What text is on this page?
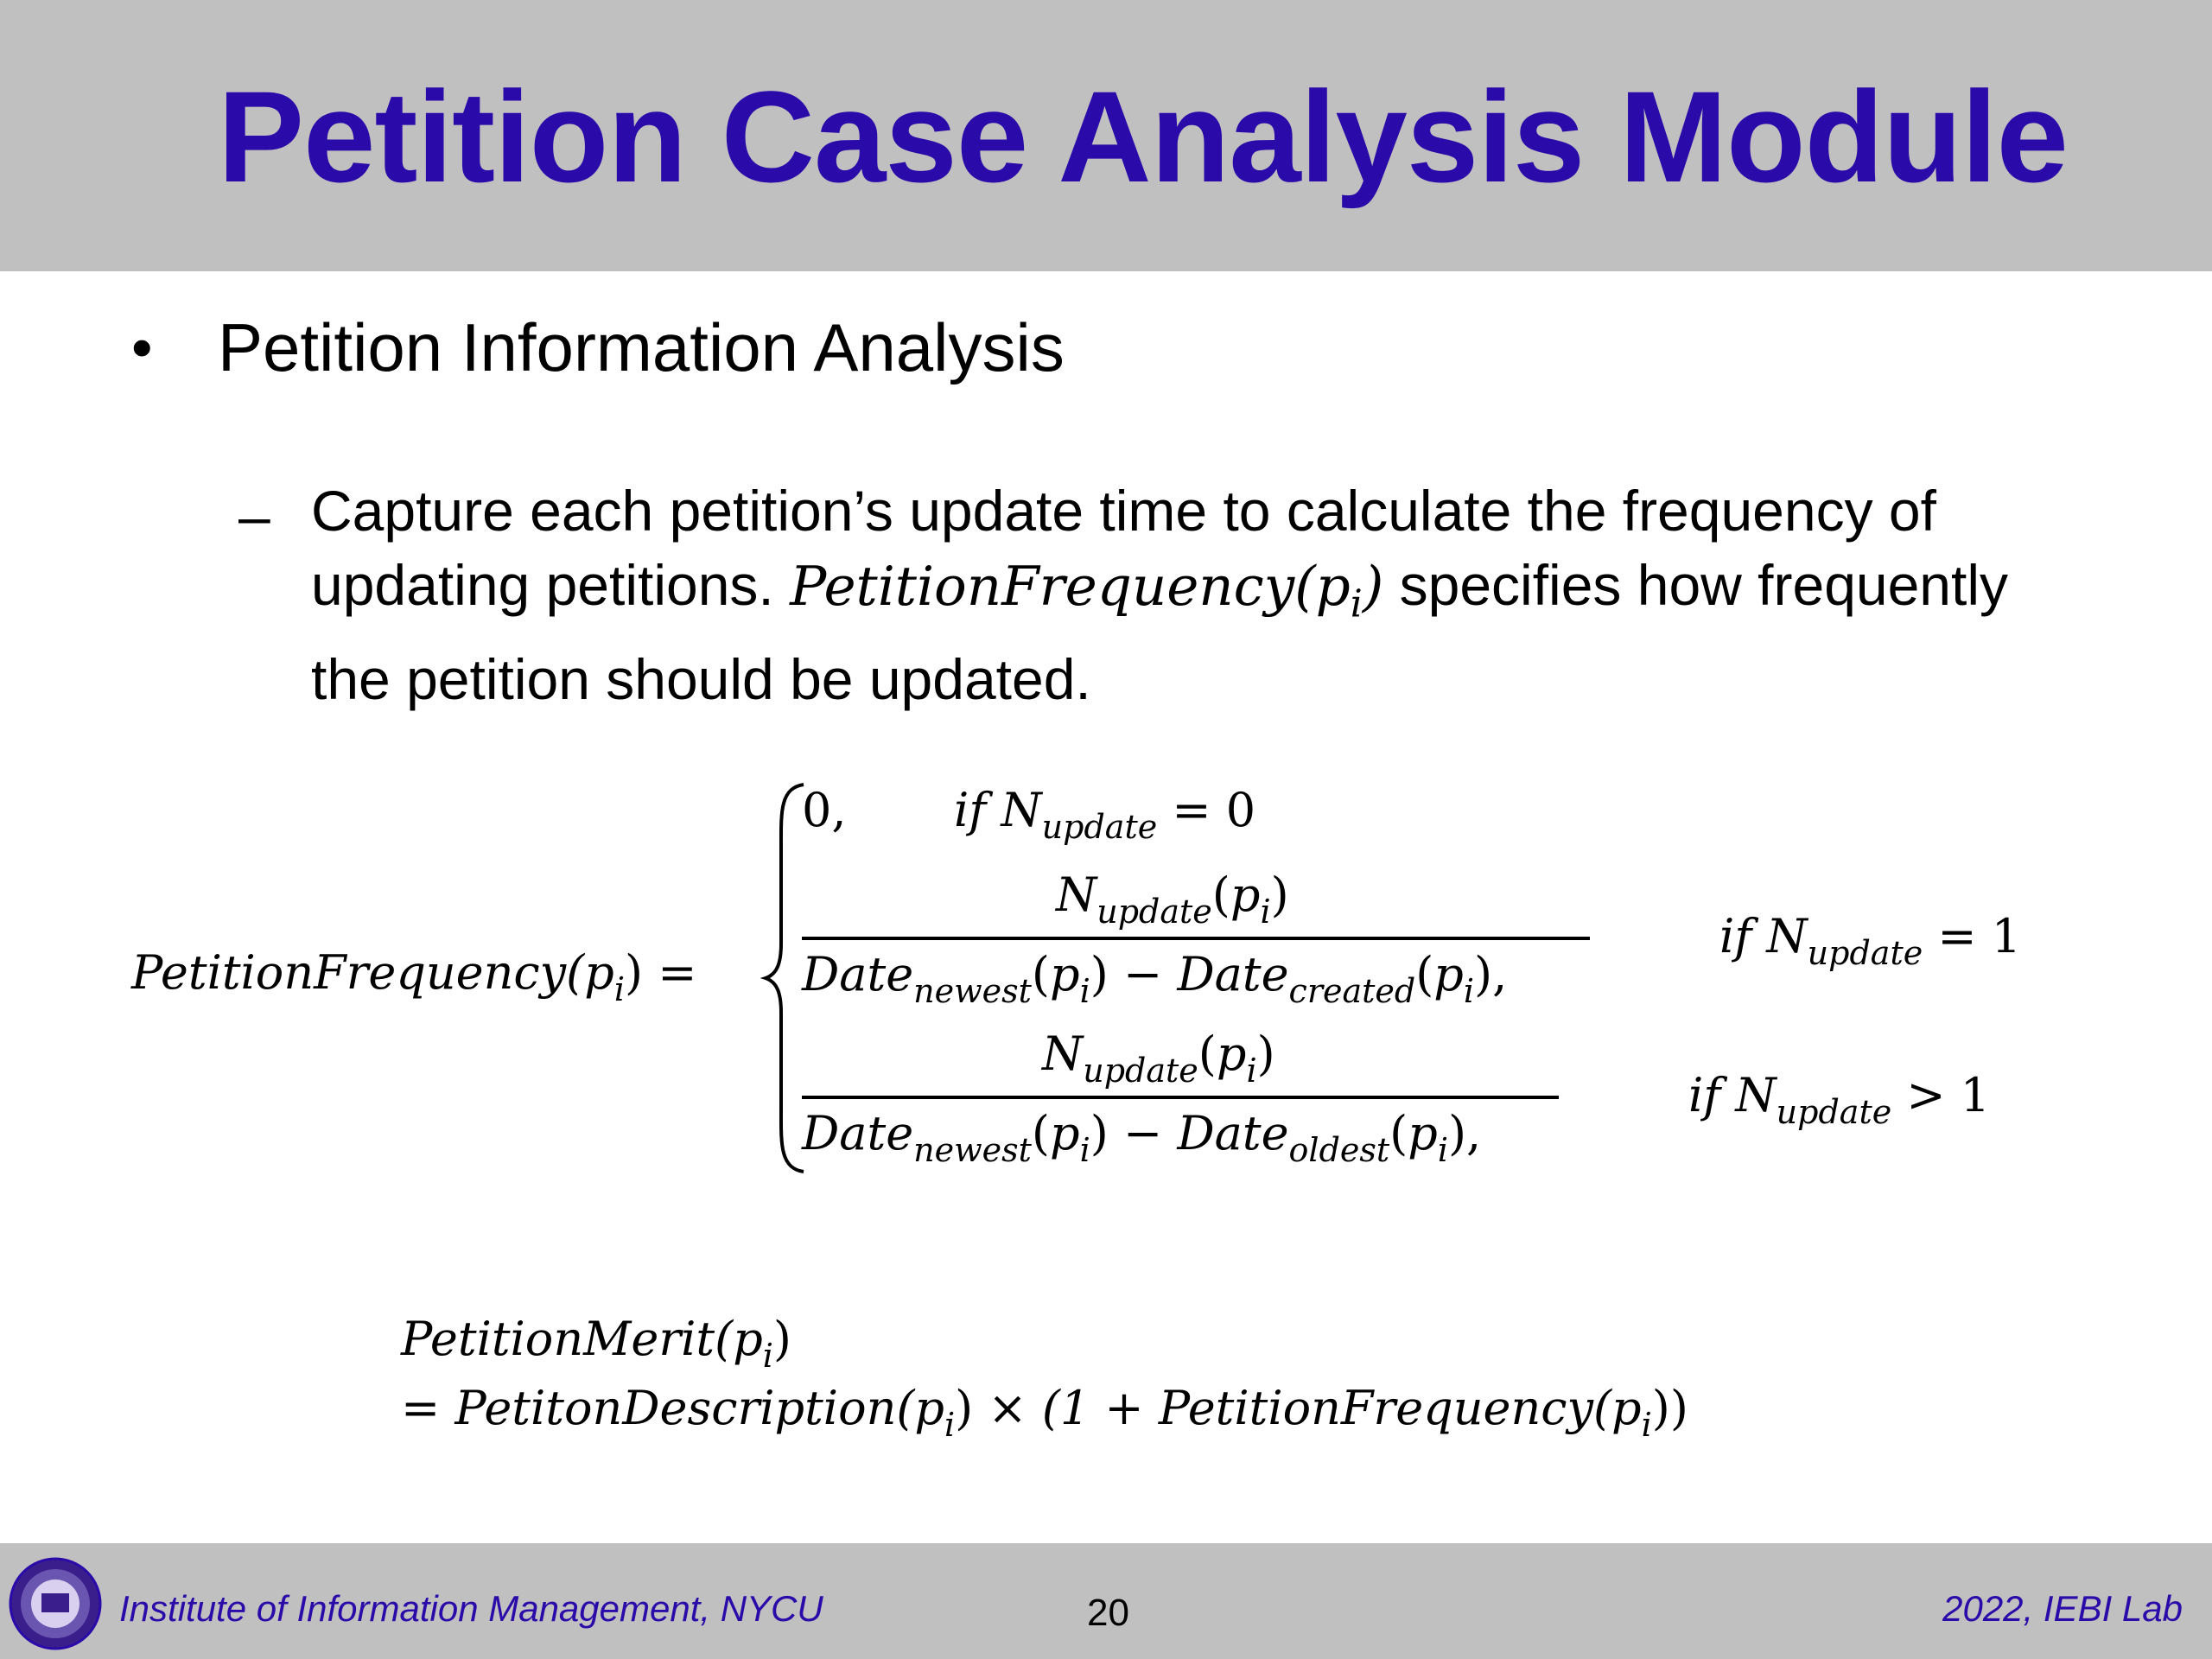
Petition Case Analysis Module
• Petition Information Analysis
– Capture each petition’s update time to calculate the frequency of updating petitions. $PetitionFrequency(p_i)$ specifies how frequently the petition should be updated.
$PetitionFrequency(p_i)$ =
0, if $N_{update} = 0$
$N_{update}(p_i)$
$Date_{newest}(p_i)$ − $Date_{created}(p_i)$,
if $N_{update} = 1$
$N_{update}(p_i)$
$Date_{newest}(p_i)$ − $Date_{oldest}(p_i)$,
if $N_{update} > 1$
$PetitionMerit(p_i)$
= $PetitonDescription(p_i) \times (1$ + $PetitionFrequency(p_i)$)
Institute of Information Management, NYCU	20	2022, IEBI Lab
